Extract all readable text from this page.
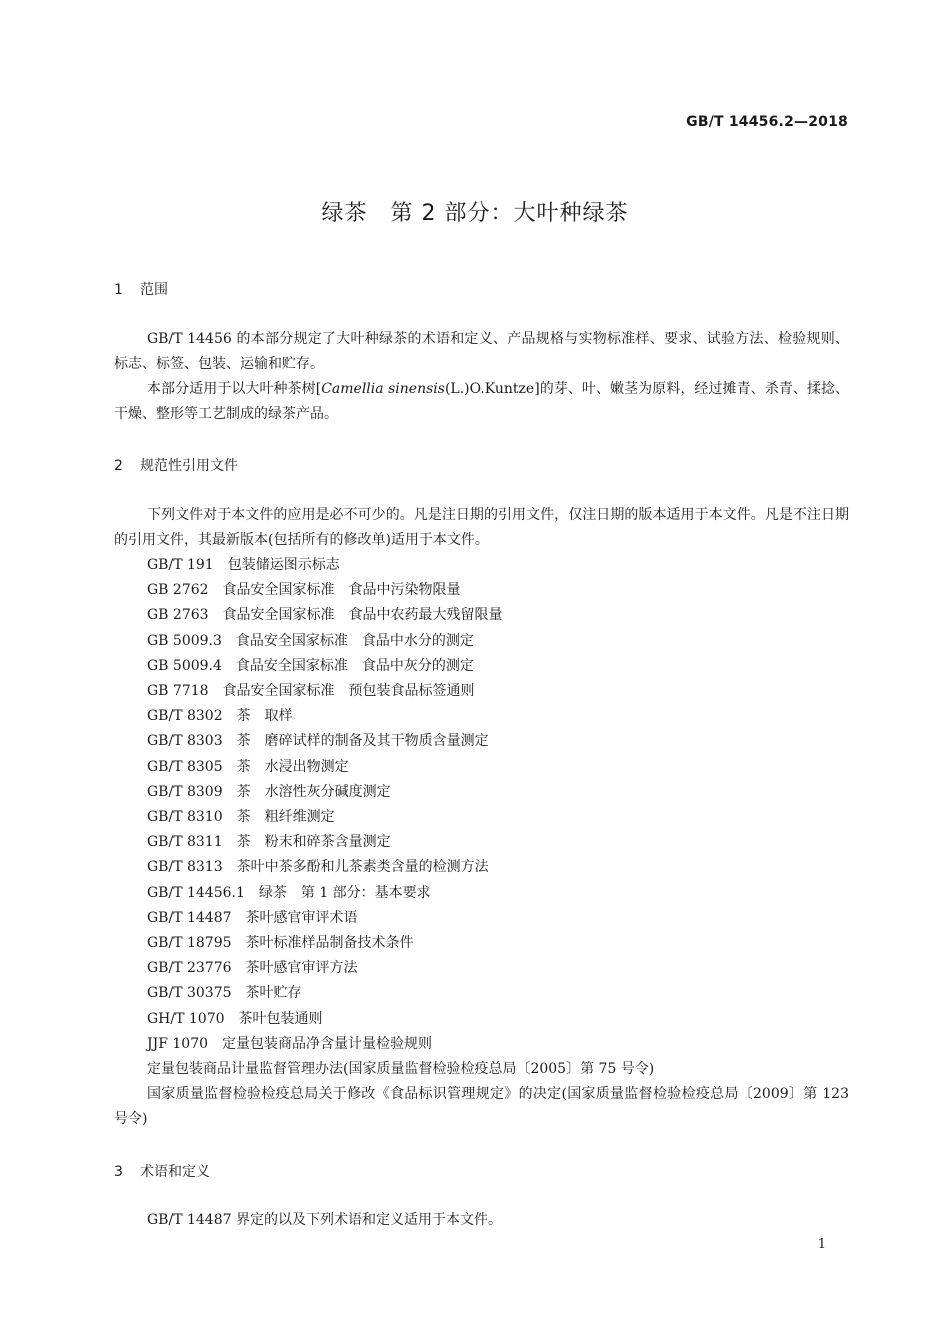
GB/T 14456.2—2018
绿茶　第 2 部分：大叶种绿茶
1 范围
GB/T 14456 的本部分规定了大叶种绿茶的术语和定义、产品规格与实物标准样、要求、试验方法、检验规则、标志、标签、包装、运输和贮存。
本部分适用于以大叶种茶树[Camellia sinensis(L.)O.Kuntze]的芽、叶、嫩茎为原料，经过摊青、杀青、揉捻、干燥、整形等工艺制成的绿茶产品。
2 规范性引用文件
下列文件对于本文件的应用是必不可少的。凡是注日期的引用文件，仅注日期的版本适用于本文件。凡是不注日期的引用文件，其最新版本(包括所有的修改单)适用于本文件。
GB/T 191 包装储运图示标志
GB 2762 食品安全国家标准　食品中污染物限量
GB 2763 食品安全国家标准　食品中农药最大残留限量
GB 5009.3 食品安全国家标准　食品中水分的测定
GB 5009.4 食品安全国家标准　食品中灰分的测定
GB 7718 食品安全国家标准　预包装食品标签通则
GB/T 8302 茶　取样
GB/T 8303 茶　磨碎试样的制备及其干物质含量测定
GB/T 8305 茶　水浸出物测定
GB/T 8309 茶　水溶性灰分碱度测定
GB/T 8310 茶　粗纤维测定
GB/T 8311 茶　粉末和碎茶含量测定
GB/T 8313 茶叶中茶多酚和儿茶素类含量的检测方法
GB/T 14456.1 绿茶　第 1 部分：基本要求
GB/T 14487 茶叶感官审评术语
GB/T 18795 茶叶标准样品制备技术条件
GB/T 23776 茶叶感官审评方法
GB/T 30375 茶叶贮存
GH/T 1070 茶叶包装通则
JJF 1070 定量包装商品净含量计量检验规则
定量包装商品计量监督管理办法(国家质量监督检验检疫总局〔2005〕第 75 号令)
国家质量监督检验检疫总局关于修改《食品标识管理规定》的决定(国家质量监督检验检疫总局〔2009〕第 123 号令)
3 术语和定义
GB/T 14487 界定的以及下列术语和定义适用于本文件。
1
